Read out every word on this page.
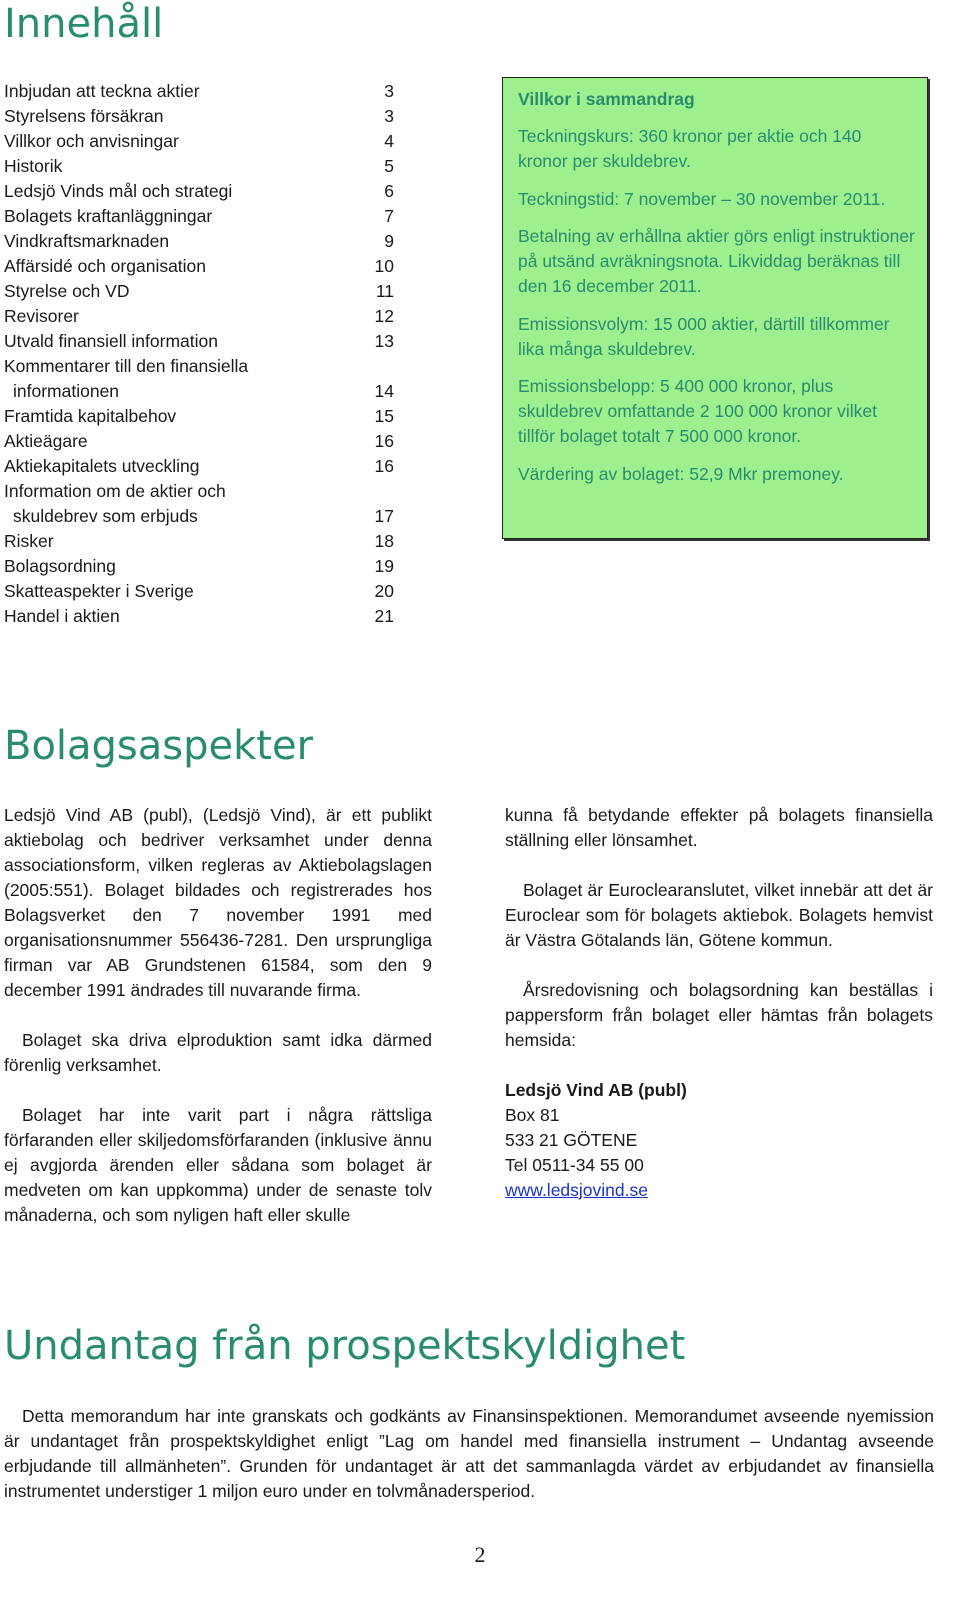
Innehåll
Inbjudan att teckna aktier	3
Styrelsens försäkran	3
Villkor och anvisningar	4
Historik	5
Ledsjö Vinds mål och strategi	6
Bolagets kraftanläggningar	7
Vindkraftsmarknaden	9
Affärsidé och organisation	10
Styrelse och VD	11
Revisorer	12
Utvald finansiell information	13
Kommentarer till den finansiella
informationen	14
Framtida kapitalbehov	15
Aktieägare	16
Aktiekapitalets utveckling	16
Information om de aktier och
skuldebrev som erbjuds	17
Risker	18
Bolagsordning	19
Skatteaspekter i Sverige	20
Handel i aktien	21
Villkor i sammandrag

Teckningskurs: 360 kronor per aktie och 140 kronor per skuldebrev.

Teckningstid: 7 november – 30 november 2011.

Betalning av erhållna aktier görs enligt instruktioner på utsänd avräkningsnota. Likviddag beräknas till den 16 december 2011.

Emissionsvolym: 15 000 aktier, därtill tillkommer lika många skuldebrev.

Emissionsbelopp: 5 400 000 kronor, plus skuldebrev omfattande 2 100 000 kronor vilket tillför bolaget totalt 7 500 000 kronor.

Värdering av bolaget: 52,9 Mkr premoney.

Bolagsaspekter

Ledsjö Vind AB (publ), (Ledsjö Vind), är ett publikt aktiebolag och bedriver verksamhet under denna associationsform, vilken regleras av Aktiebolagslagen (2005:551). Bolaget bildades och registrerades hos Bolagsverket den 7 november 1991 med organisationsnummer 556436-7281. Den ursprungliga firman var AB Grundstenen 61584, som den 9 december 1991 ändrades till nuvarande firma.

Bolaget ska driva elproduktion samt idka därmed förenlig verksamhet.

Bolaget har inte varit part i några rättsliga förfaranden eller skiljedomsförfaranden (inklusive ännu ej avgjorda ärenden eller sådana som bolaget är medveten om kan uppkomma) under de senaste tolv månaderna, och som nyligen haft eller skulle

kunna få betydande effekter på bolagets finansiella ställning eller lönsamhet.

Bolaget är Euroclearanslutet, vilket innebär att det är Euroclear som för bolagets aktiebok. Bolagets hemvist är Västra Götalands län, Götene kommun.

Årsredovisning och bolagsordning kan beställas i pappersform från bolaget eller hämtas från bolagets hemsida:

Ledsjö Vind AB (publ)
Box 81
533 21 GÖTENE
Tel 0511-34 55 00
www.ledsjovind.se
Undantag från prospektskyldighet

Detta memorandum har inte granskats och godkänts av Finansinspektionen. Memorandumet avseende nyemission är undantaget från prospektskyldighet enligt ”Lag om handel med finansiella instrument – Undantag avseende erbjudande till allmänheten”. Grunden för undantaget är att det sammanlagda värdet av erbjudandet av finansiella instrumentet understiger 1 miljon euro under en tolvmånadersperiod.

2
